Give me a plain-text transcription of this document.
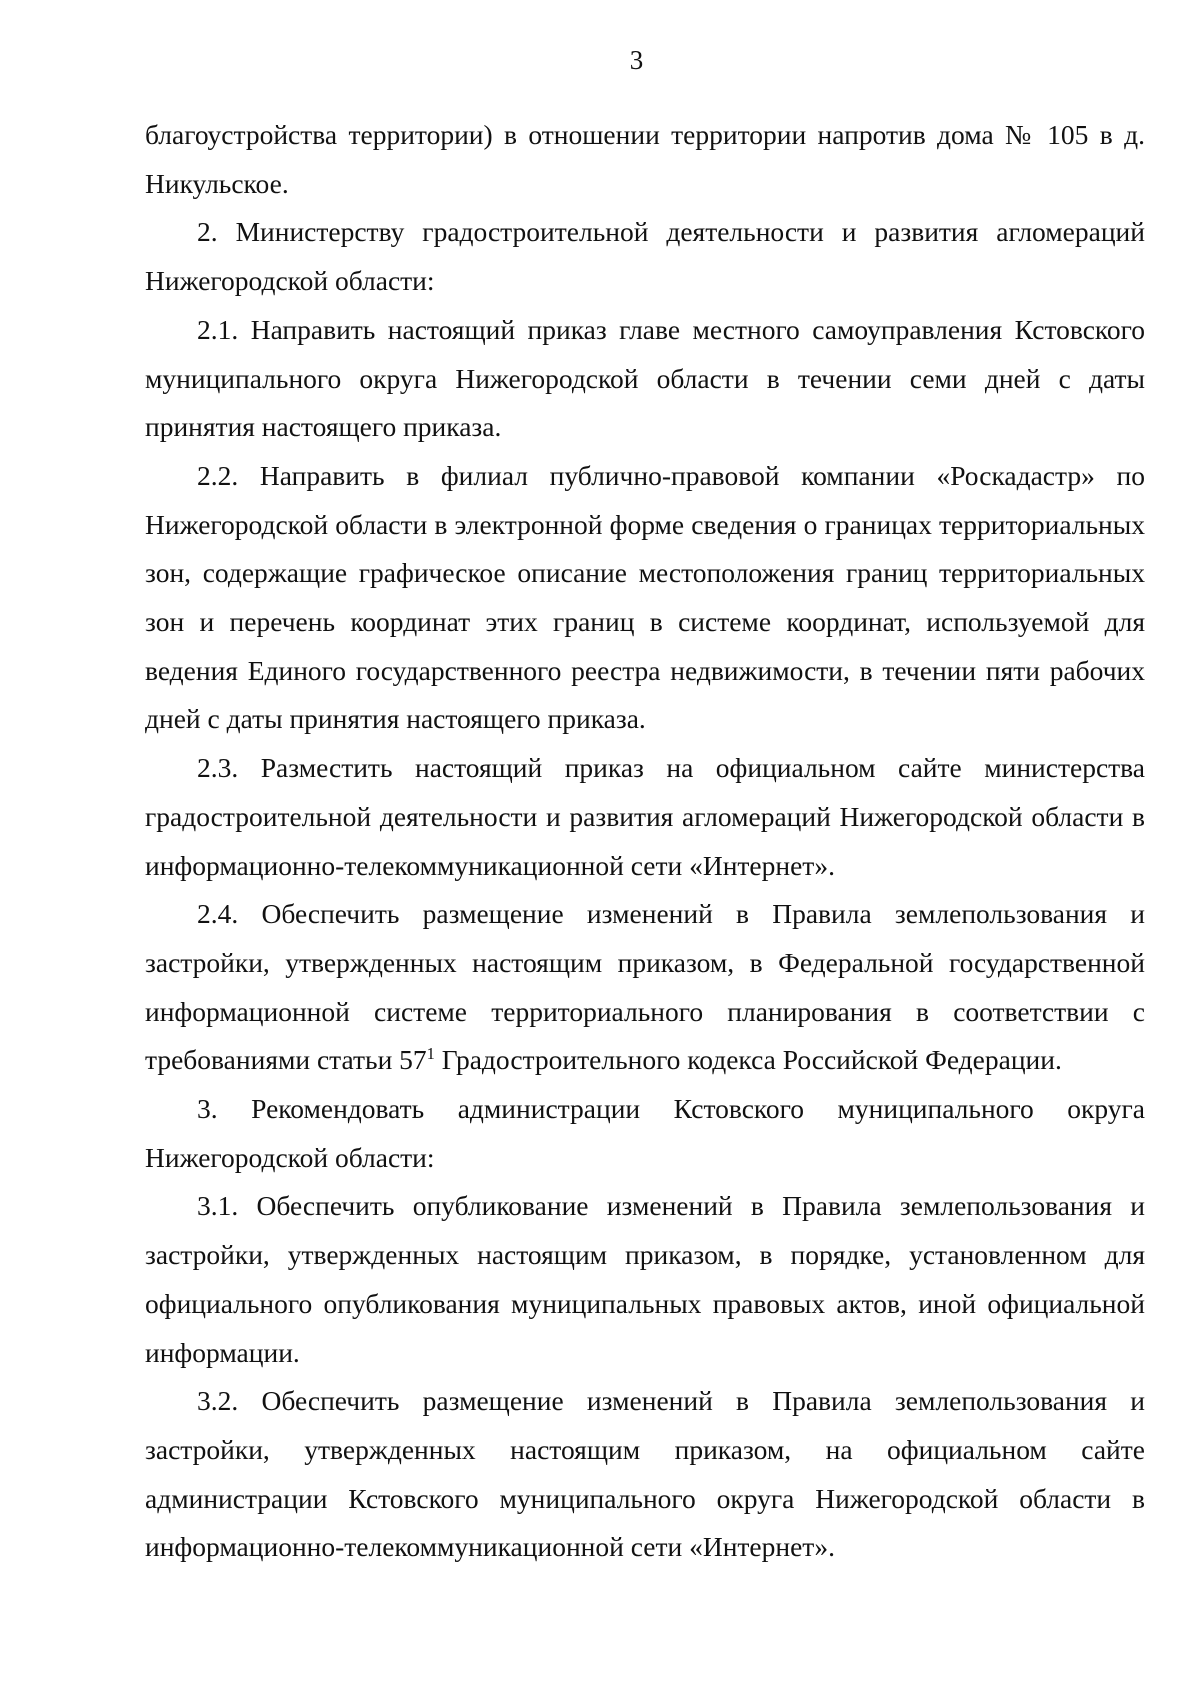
3

благоустройства территории) в отношении территории напротив дома № 105 в д. Никульское.

2. Министерству градостроительной деятельности и развития агломераций Нижегородской области:

2.1. Направить настоящий приказ главе местного самоуправления Кстовского муниципального округа Нижегородской области в течении семи дней с даты принятия настоящего приказа.

2.2. Направить в филиал публично-правовой компании «Роскадастр» по Нижегородской области в электронной форме сведения о границах территориальных зон, содержащие графическое описание местоположения границ территориальных зон и перечень координат этих границ в системе координат, используемой для ведения Единого государственного реестра недвижимости, в течении пяти рабочих дней с даты принятия настоящего приказа.

2.3. Разместить настоящий приказ на официальном сайте министерства градостроительной деятельности и развития агломераций Нижегородской области в информационно-телекоммуникационной сети «Интернет».

2.4. Обеспечить размещение изменений в Правила землепользования и застройки, утвержденных настоящим приказом, в Федеральной государственной информационной системе территориального планирования в соответствии с требованиями статьи $57^1$ Градостроительного кодекса Российской Федерации.

3. Рекомендовать администрации Кстовского муниципального округа Нижегородской области:

3.1. Обеспечить опубликование изменений в Правила землепользования и застройки, утвержденных настоящим приказом, в порядке, установленном для официального опубликования муниципальных правовых актов, иной официальной информации.

3.2. Обеспечить размещение изменений в Правила землепользования и застройки, утвержденных настоящим приказом, на официальном сайте администрации Кстовского муниципального округа Нижегородской области в информационно-телекоммуникационной сети «Интернет».
